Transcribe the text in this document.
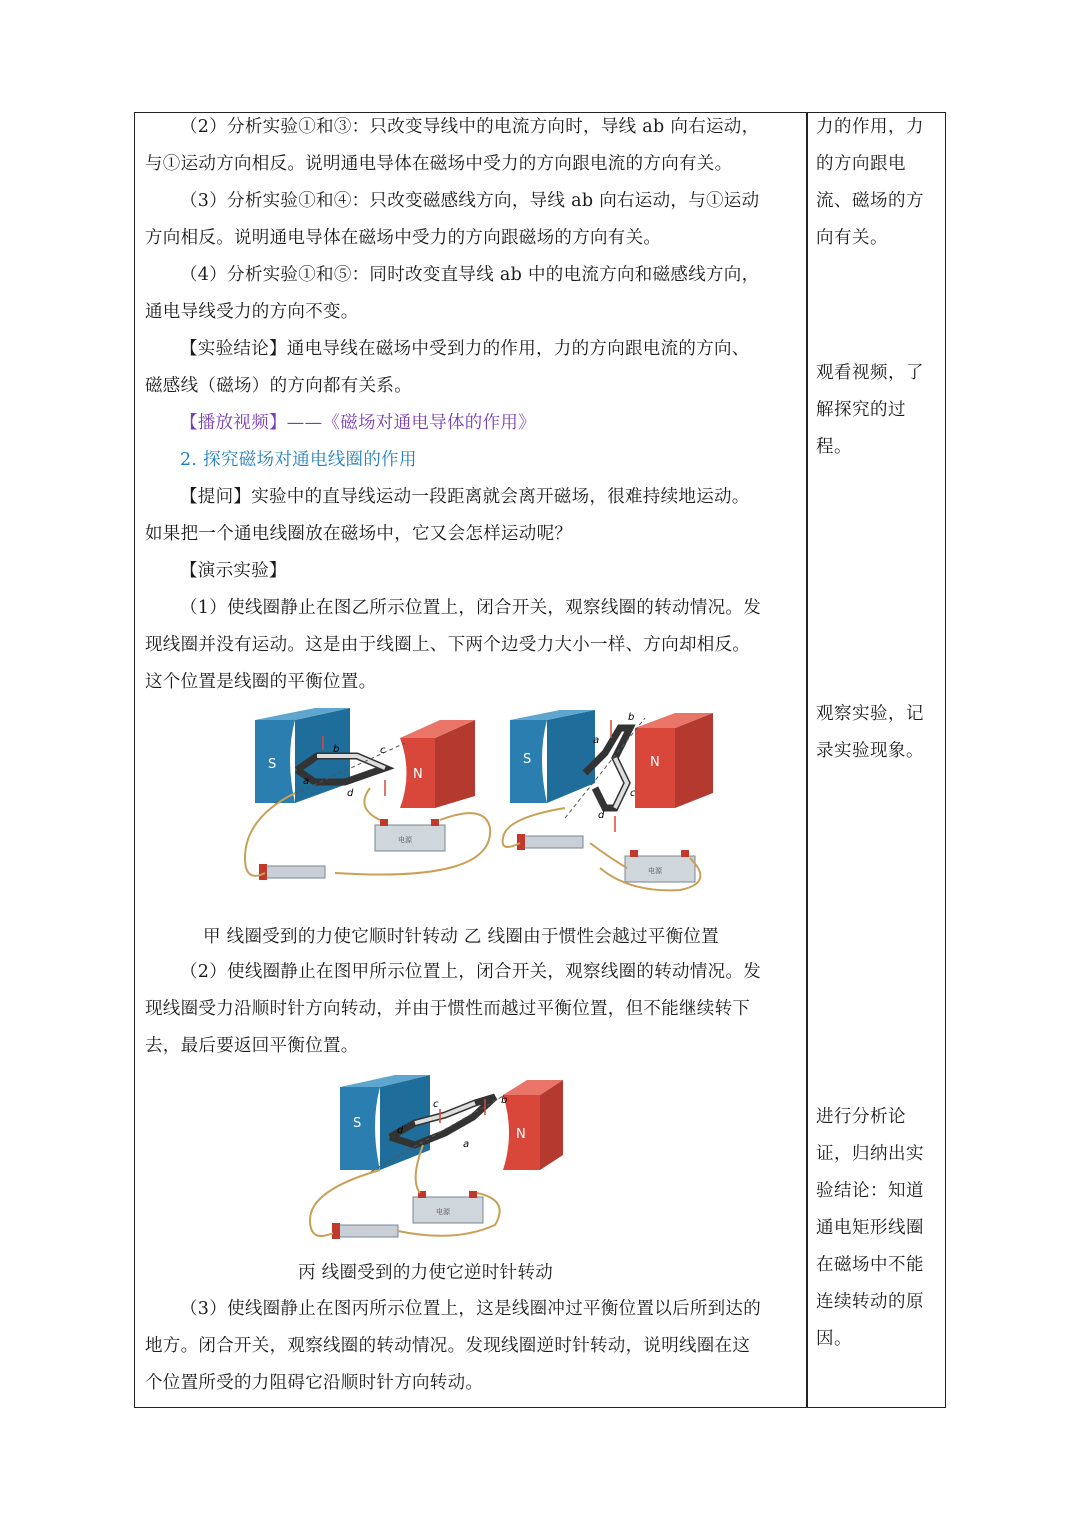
（2）分析实验①和③：只改变导线中的电流方向时，导线 ab 向右运动，
与①运动方向相反。说明通电导体在磁场中受力的方向跟电流的方向有关。
（3）分析实验①和④：只改变磁感线方向，导线 ab 向右运动，与①运动
方向相反。说明通电导体在磁场中受力的方向跟磁场的方向有关。
（4）分析实验①和⑤：同时改变直导线 ab 中的电流方向和磁感线方向，
通电导线受力的方向不变。
【实验结论】通电导线在磁场中受到力的作用，力的方向跟电流的方向、
磁感线（磁场）的方向都有关系。
【播放视频】——《磁场对通电导体的作用》
2. 探究磁场对通电线圈的作用
【提问】实验中的直导线运动一段距离就会离开磁场，很难持续地运动。
如果把一个通电线圈放在磁场中，它又会怎样运动呢？
【演示实验】
（1）使线圈静止在图乙所示位置上，闭合开关，观察线圈的转动情况。发
现线圈并没有运动。这是由于线圈上、下两个边受力大小一样、方向却相反。
这个位置是线圈的平衡位置。
S
N
b	c
d
a
电源
S	N
a
b
c
d
电源
甲 线圈受到的力使它顺时针转动 乙 线圈由于惯性会越过平衡位置
（2）使线圈静止在图甲所示位置上，闭合开关，观察线圈的转动情况。发
现线圈受力沿顺时针方向转动，并由于惯性而越过平衡位置，但不能继续转下
去，最后要返回平衡位置。
S
N
c	b
d
a
电源
丙 线圈受到的力使它逆时针转动
（3）使线圈静止在图丙所示位置上，这是线圈冲过平衡位置以后所到达的
地方。闭合开关，观察线圈的转动情况。发现线圈逆时针转动，说明线圈在这
个位置所受的力阻碍它沿顺时针方向转动。
力的作用，力
的方向跟电
流、磁场的方
向有关。
观看视频，了
解探究的过
程。
观察实验，记
录实验现象。
进行分析论
证，归纳出实
验结论：知道
通电矩形线圈
在磁场中不能
连续转动的原
因。
